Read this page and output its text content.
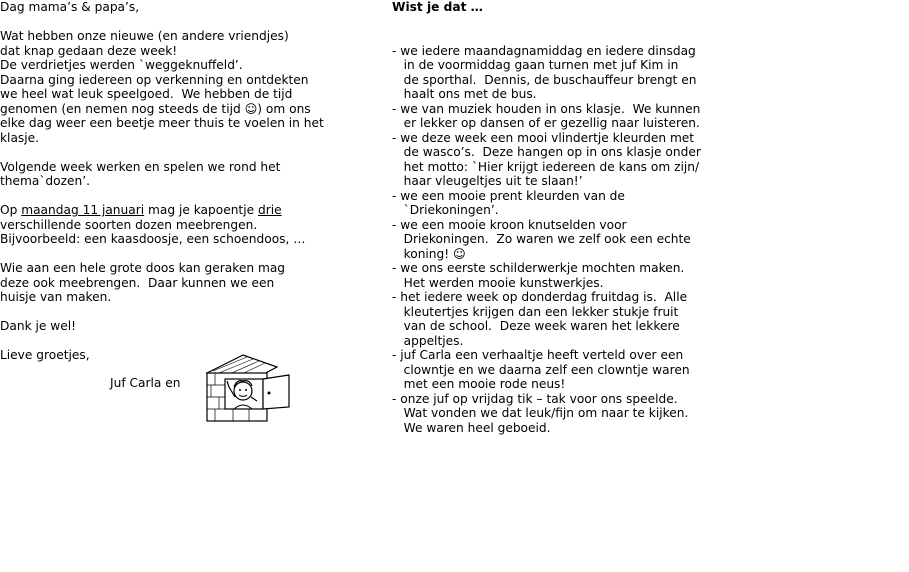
Dag mama’s & papa’s,
Wat hebben onze nieuwe (en andere vriendjes)
dat knap gedaan deze week!
De verdrietjes werden `weggeknuffeld’.
Daarna ging iedereen op verkenning en ontdekten
we heel wat leuk speelgoed.  We hebben de tijd
genomen (en nemen nog steeds de tijd ☺) om ons
elke dag weer een beetje meer thuis te voelen in het
klasje.
Volgende week werken en spelen we rond het
thema`dozen’.
Op maandag 11 januari mag je kapoentje drie
verschillende soorten dozen meebrengen.
Bijvoorbeeld: een kaasdoosje, een schoendoos, …
Wie aan een hele grote doos kan geraken mag
deze ook meebrengen.  Daar kunnen we een
huisje van maken.
Dank je wel!
Lieve groetjes,
Juf Carla en
Wist je dat …
- we iedere maandagnamiddag en iedere dinsdag
in de voormiddag gaan turnen met juf Kim in
de sporthal.  Dennis, de buschauffeur brengt en
haalt ons met de bus.
- we van muziek houden in ons klasje.  We kunnen
er lekker op dansen of er gezellig naar luisteren.
- we deze week een mooi vlindertje kleurden met
de wasco’s.  Deze hangen op in ons klasje onder
het motto: `Hier krijgt iedereen de kans om zijn/
haar vleugeltjes uit te slaan!’
- we een mooie prent kleurden van de
`Driekoningen’.
- we een mooie kroon knutselden voor
Driekoningen.  Zo waren we zelf ook een echte
koning! ☺
- we ons eerste schilderwerkje mochten maken.
Het werden mooie kunstwerkjes.
- het iedere week op donderdag fruitdag is.  Alle
kleutertjes krijgen dan een lekker stukje fruit
van de school.  Deze week waren het lekkere
appeltjes.
- juf Carla een verhaaltje heeft verteld over een
clowntje en we daarna zelf een clowntje waren
met een mooie rode neus!
- onze juf op vrijdag tik – tak voor ons speelde.
Wat vonden we dat leuk/fijn om naar te kijken.
We waren heel geboeid.
